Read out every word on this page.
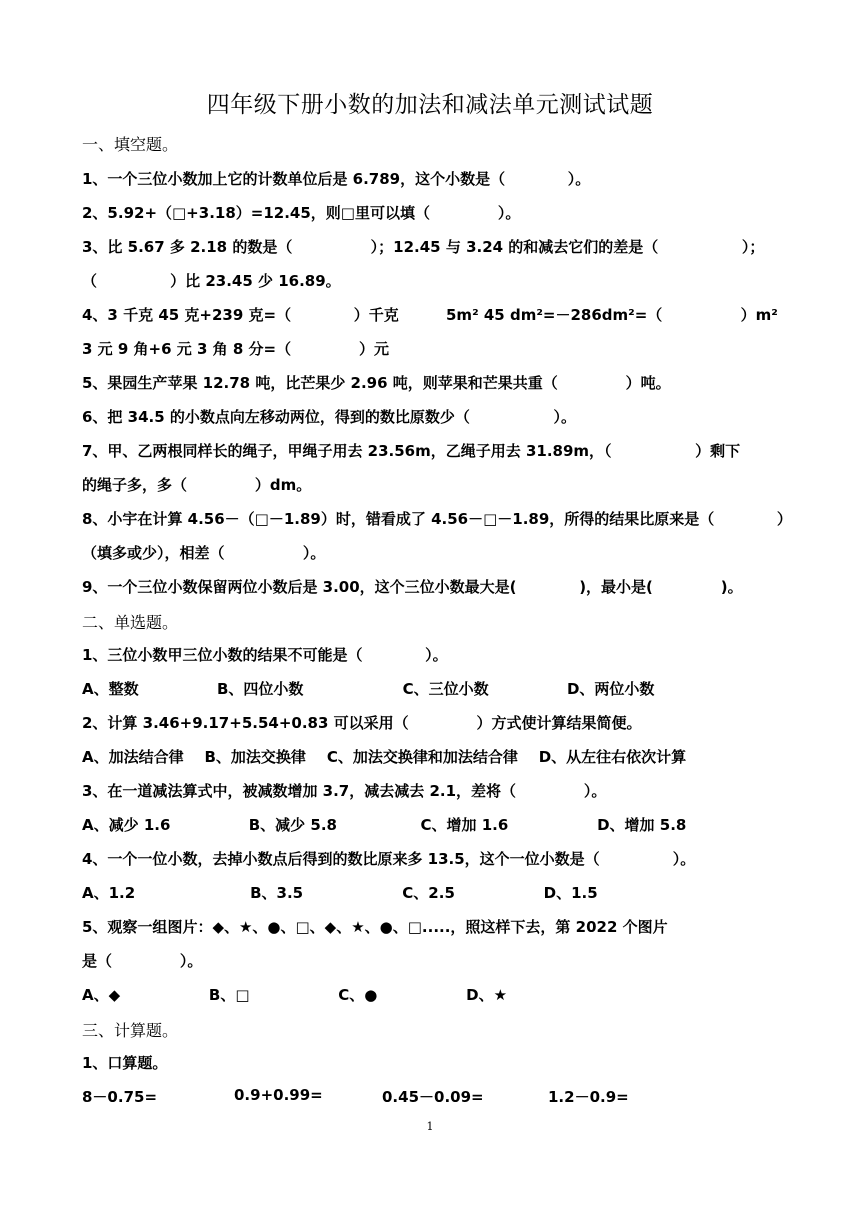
四年级下册小数的加法和减法单元测试试题
一、填空题。
1、一个三位小数加上它的计数单位后是 6.789，这个小数是（            ）。
2、5.92+（□+3.18）=12.45，则□里可以填（             ）。
3、比 5.67 多 2.18 的数是（               ）；12.45 与 3.24 的和减去它们的差是（                ）；
（              ）比 23.45 少 16.89。
4、3 千克 45 克+239 克=（            ）千克	5m² 45 dm²=－286dm²=（               ）m²
3 元 9 角+6 元 3 角 8 分=（             ）元
5、果园生产苹果 12.78 吨，比芒果少 2.96 吨，则苹果和芒果共重（             ）吨。
6、把 34.5 的小数点向左移动两位，得到的数比原数少（                ）。
7、甲、乙两根同样长的绳子，甲绳子用去 23.56m，乙绳子用去 31.89m，（                ）剩下
的绳子多，多（             ）dm。
8、小宇在计算 4.56－（□－1.89）时，错看成了 4.56－□－1.89，所得的结果比原来是（            ）
（填多或少），相差（               ）。
9、一个三位小数保留两位小数后是 3.00，这个三位小数最大是(            )，最小是(             )。
二、单选题。
1、三位小数甲三位小数的结果不可能是（            ）。
A、整数               B、四位小数                   C、三位小数               D、两位小数
2、计算 3.46+9.17+5.54+0.83 可以采用（             ）方式使计算结果简便。
A、加法结合律    B、加法交换律    C、加法交换律和加法结合律    D、从左往右依次计算
3、在一道减法算式中，被减数增加 3.7，减去减去 2.1，差将（             ）。
A、减少 1.6               B、减少 5.8                C、增加 1.6                 D、增加 5.8
4、一个一位小数，去掉小数点后得到的数比原来多 13.5，这个一位小数是（              ）。
A、1.2                      B、3.5                   C、2.5                 D、1.5
5、观察一组图片：◆、★、●、□、◆、★、●、□.....，照这样下去，第 2022 个图片
是（             ）。
A、◆                 B、□                 C、●                 D、★
三、计算题。
1、口算题。
8－0.75=	0.9+0.99=	0.45－0.09=	1.2－0.9=
1
